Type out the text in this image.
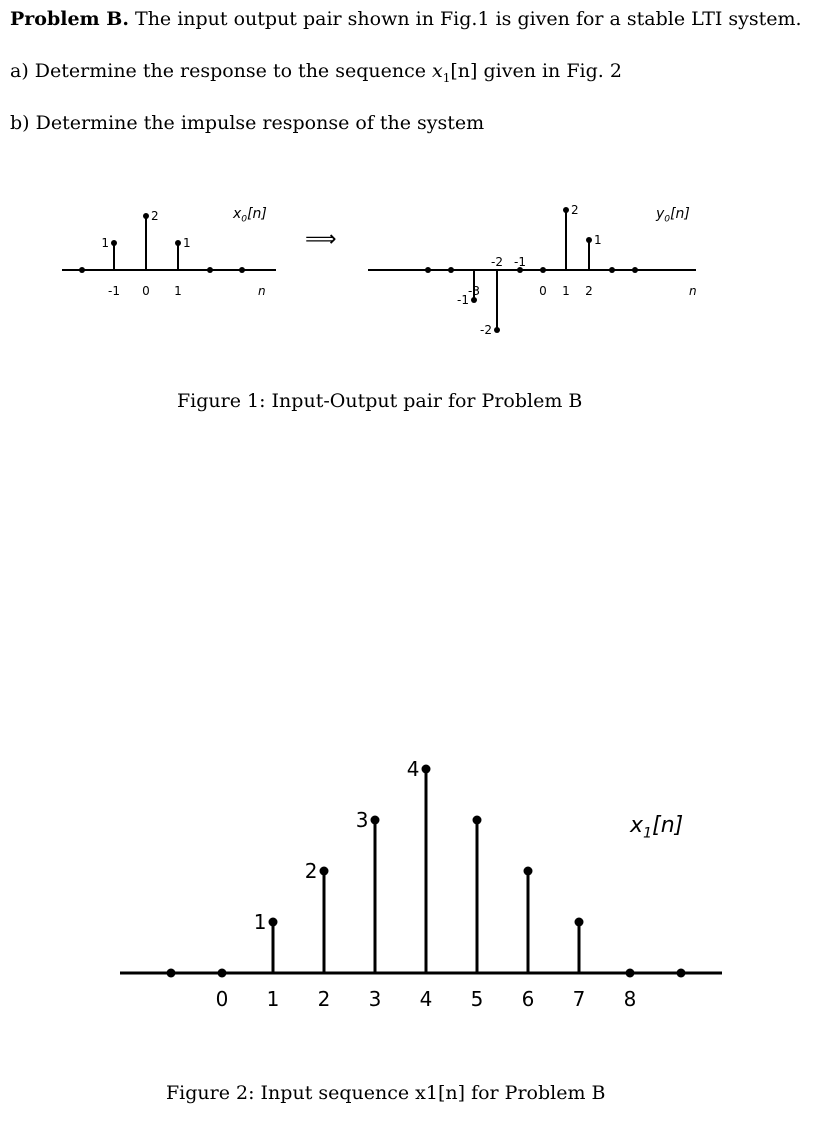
Problem B. The input output pair shown in Fig.1 is given for a stable LTI system.
a) Determine the response to the sequence $x_1[n]$ given in Fig. 2
b) Determine the impulse response of the system
-1 0 1
1
2
1
$x_0[n]$
n	-3
-2 -1
0 1 2
-1
-2
2
1
$y_0[n]$
n
⟹
0 1 2 3 4 5 6 7 8
1
2
3
4
$x_1[n]$
Figure 1: Input-Output pair for Problem B
Figure 2: Input sequence x1[n] for Problem B
